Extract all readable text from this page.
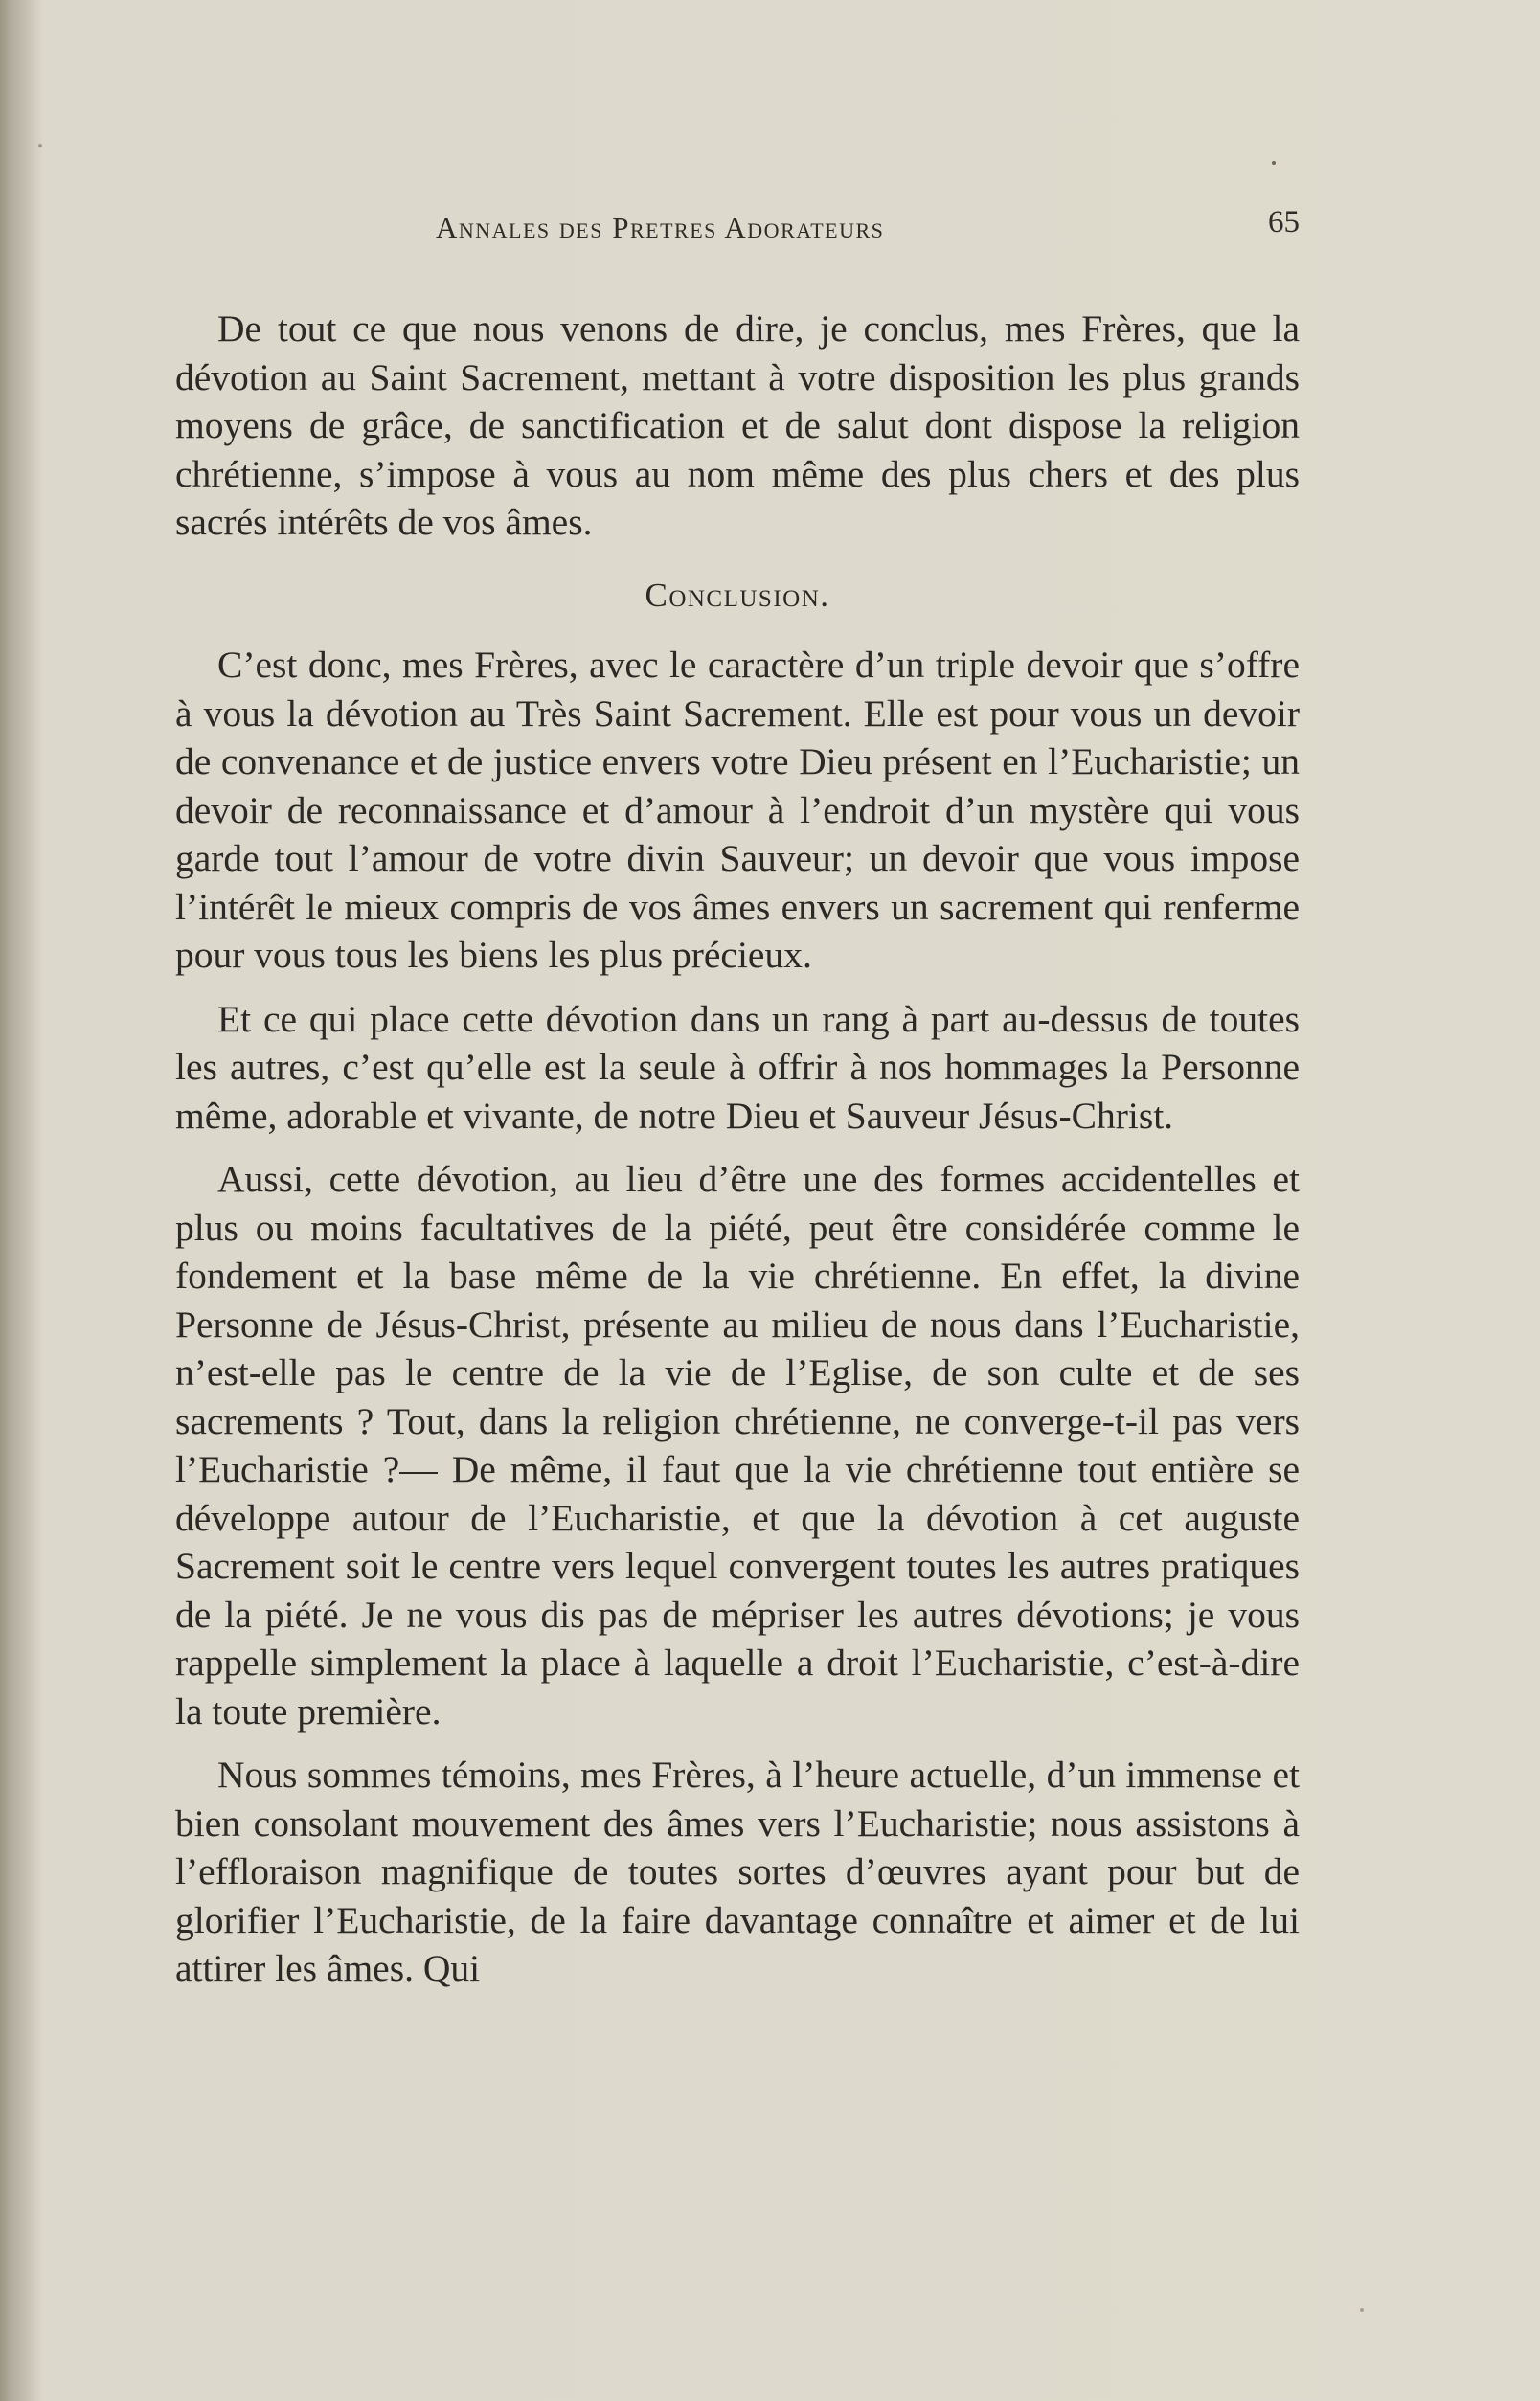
Annales des Pretres Adorateurs	65

De tout ce que nous venons de dire, je conclus, mes Frères, que la dévotion au Saint Sacrement, mettant à votre disposition les plus grands moyens de grâce, de sanctification et de salut dont dispose la religion chrétienne, s’impose à vous au nom même des plus chers et des plus sacrés intérêts de vos âmes.

Conclusion.

C’est donc, mes Frères, avec le caractère d’un triple devoir que s’offre à vous la dévotion au Très Saint Sacrement. Elle est pour vous un devoir de convenance et de justice envers votre Dieu présent en l’Eucharistie; un devoir de reconnaissance et d’amour à l’endroit d’un mystère qui vous garde tout l’amour de votre divin Sauveur; un devoir que vous impose l’intérêt le mieux compris de vos âmes envers un sacrement qui renferme pour vous tous les biens les plus précieux.

Et ce qui place cette dévotion dans un rang à part au-dessus de toutes les autres, c’est qu’elle est la seule à offrir à nos hommages la Personne même, adorable et vivante, de notre Dieu et Sauveur Jésus-Christ.

Aussi, cette dévotion, au lieu d’être une des formes accidentelles et plus ou moins facultatives de la piété, peut être considérée comme le fondement et la base même de la vie chrétienne. En effet, la divine Personne de Jésus-Christ, présente au milieu de nous dans l’Eucharistie, n’est-elle pas le centre de la vie de l’Eglise, de son culte et de ses sacrements ? Tout, dans la religion chrétienne, ne converge-t-il pas vers l’Eucharistie ?— De même, il faut que la vie chrétienne tout entière se développe autour de l’Eucharistie, et que la dévotion à cet auguste Sacrement soit le centre vers lequel convergent toutes les autres pratiques de la piété. Je ne vous dis pas de mépriser les autres dévotions; je vous rappelle simplement la place à laquelle a droit l’Eucharistie, c’est-à-dire la toute première.

Nous sommes témoins, mes Frères, à l’heure actuelle, d’un immense et bien consolant mouvement des âmes vers l’Eucharistie; nous assistons à l’effloraison magnifique de toutes sortes d’œuvres ayant pour but de glorifier l’Eucharistie, de la faire davantage connaître et aimer et de lui attirer les âmes. Qui
